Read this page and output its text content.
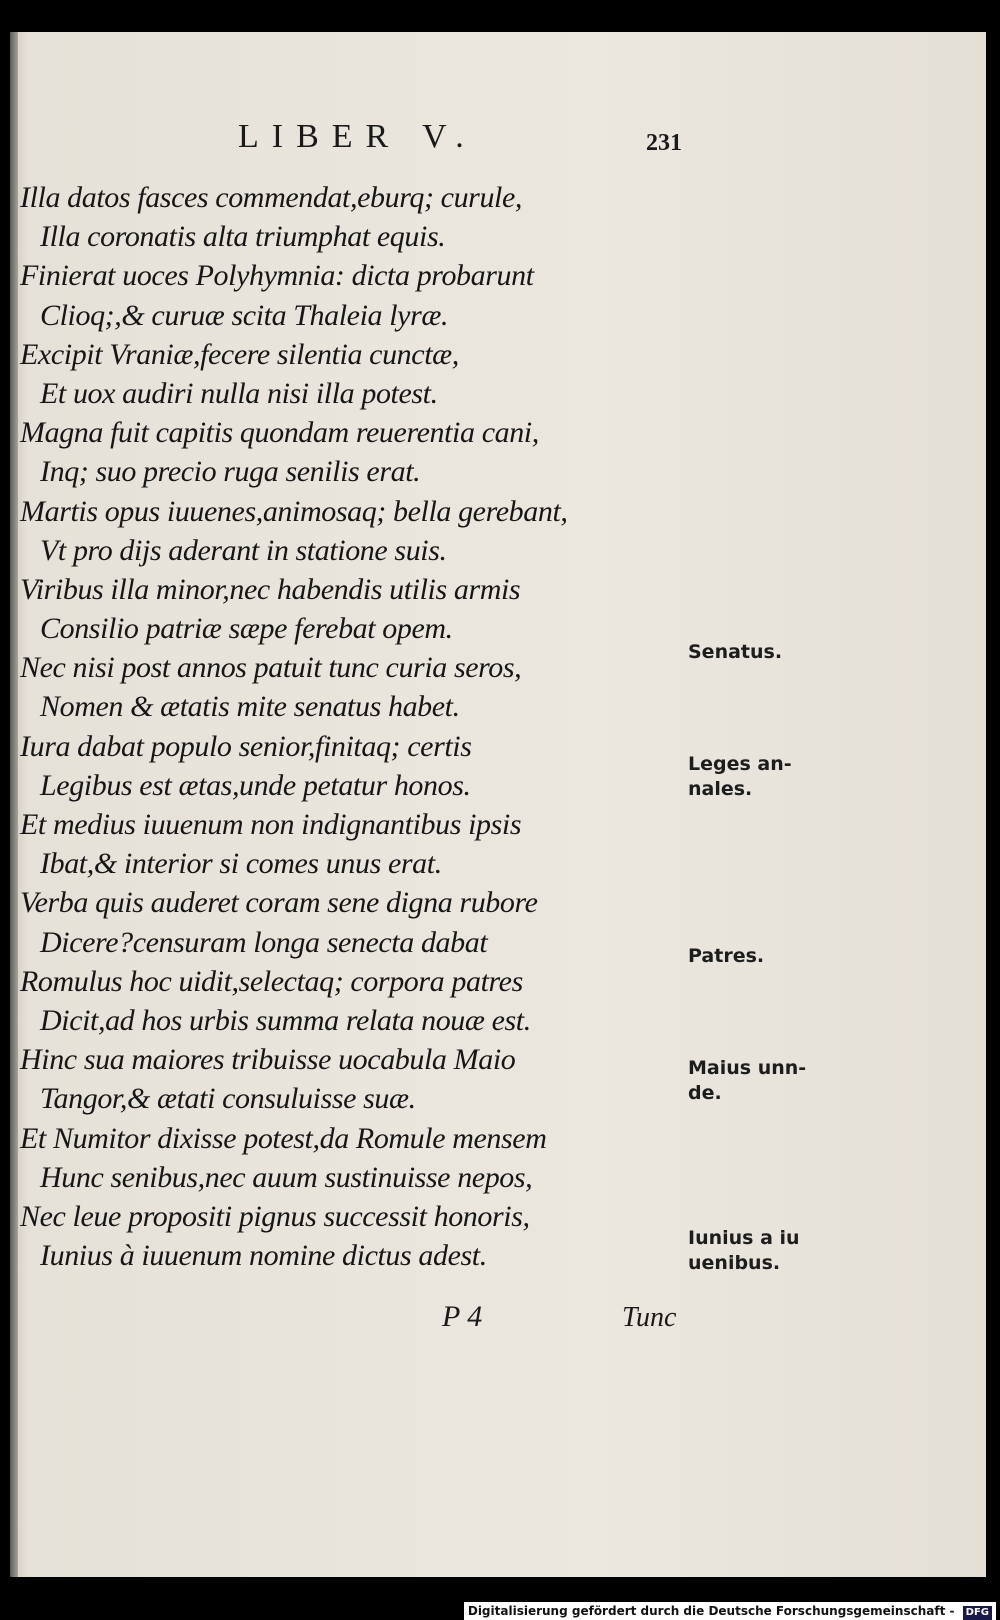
LIBER V.	231
Illa datos fasces commendat,eburq; curule,
Illa coronatis alta triumphat equis.
Finierat uoces Polyhymnia: dicta probarunt
Clioq;,& curuæ scita Thaleia lyræ.
Excipit Vraniæ,fecere silentia cunctæ,
Et uox audiri nulla nisi illa potest.
Magna fuit capitis quondam reuerentia cani,
Inq; suo precio ruga senilis erat.
Martis opus iuuenes,animosaq; bella gerebant,
Vt pro dijs aderant in statione suis.
Viribus illa minor,nec habendis utilis armis
Consilio patriæ sæpe ferebat opem.
Nec nisi post annos patuit tunc curia seros,
Nomen & ætatis mite senatus habet.
Iura dabat populo senior,finitaq; certis
Legibus est ætas,unde petatur honos.
Et medius iuuenum non indignantibus ipsis
Ibat,& interior si comes unus erat.
Verba quis auderet coram sene digna rubore
Dicere?censuram longa senecta dabat
Romulus hoc uidit,selectaq; corpora patres
Dicit,ad hos urbis summa relata nouæ est.
Hinc sua maiores tribuisse uocabula Maio
Tangor,& ætati consuluisse suæ.
Et Numitor dixisse potest,da Romule mensem
Hunc senibus,nec auum sustinuisse nepos,
Nec leue propositi pignus successit honoris,
Iunius à iuuenum nomine dictus adest.
Senatus.
Leges an-
nales.
Patres.
Maius unn-
de.
Iunius a iu
uenibus.
P 4	Tunc
Digitalisierung gefördert durch die Deutsche Forschungsgemeinschaft - DFG
